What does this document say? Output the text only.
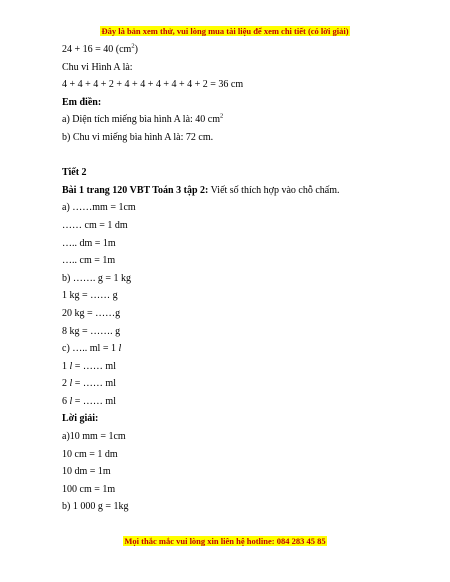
Đây là bản xem thử, vui lòng mua tài liệu để xem chi tiết (có lời giải)
24 + 16 = 40 $(cm^2)$
Chu vi Hình A là:
4 + 4 + 4 + 2 + 4 + 4 + 4 + 4 + 4 + 2 = 36 cm
Em điền:
a) Diện tích miếng bìa hình A là: 40 $cm^2$
b) Chu vi miếng bìa hình A là: 72 cm.
Tiết 2
Bài 1 trang 120 VBT Toán 3 tập 2: Viết số thích hợp vào chỗ chấm.
a) ……mm = 1cm
…… cm = 1 dm
….. dm = 1m
….. cm = 1m
b) ……. g = 1 kg
1 kg = …… g
20 kg = ……g
8 kg = ……. g
c) ….. ml = 1 l
1 l = …… ml
2 l = …… ml
6 l = …… ml
Lời giải:
a)10 mm = 1cm
10 cm = 1 dm
10 dm = 1m
100 cm = 1m
b) 1 000 g = 1kg
Mọi thắc mắc vui lòng xin liên hệ hotline: 084 283 45 85
